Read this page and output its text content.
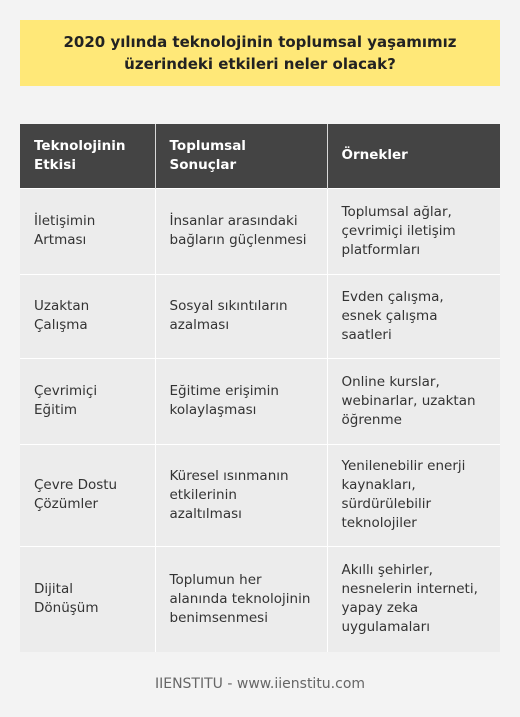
2020 yılında teknolojinin toplumsal yaşamımız üzerindeki etkileri neler olacak?
Teknolojinin Etkisi	Toplumsal Sonuçlar	Örnekler
İletişimin Artması	İnsanlar arasındaki bağların güçlenmesi	Toplumsal ağlar, çevrimiçi iletişim platformları
Uzaktan Çalışma	Sosyal sıkıntıların azalması	Evden çalışma, esnek çalışma saatleri
Çevrimiçi Eğitim	Eğitime erişimin kolaylaşması	Online kurslar, webinarlar, uzaktan öğrenme
Çevre Dostu Çözümler	Küresel ısınmanın etkilerinin azaltılması	Yenilenebilir enerji kaynakları, sürdürülebilir teknolojiler
Dijital Dönüşüm	Toplumun her alanında teknolojinin benimsenmesi	Akıllı şehirler, nesnelerin interneti, yapay zeka uygulamaları
IIENSTITU - www.iienstitu.com
